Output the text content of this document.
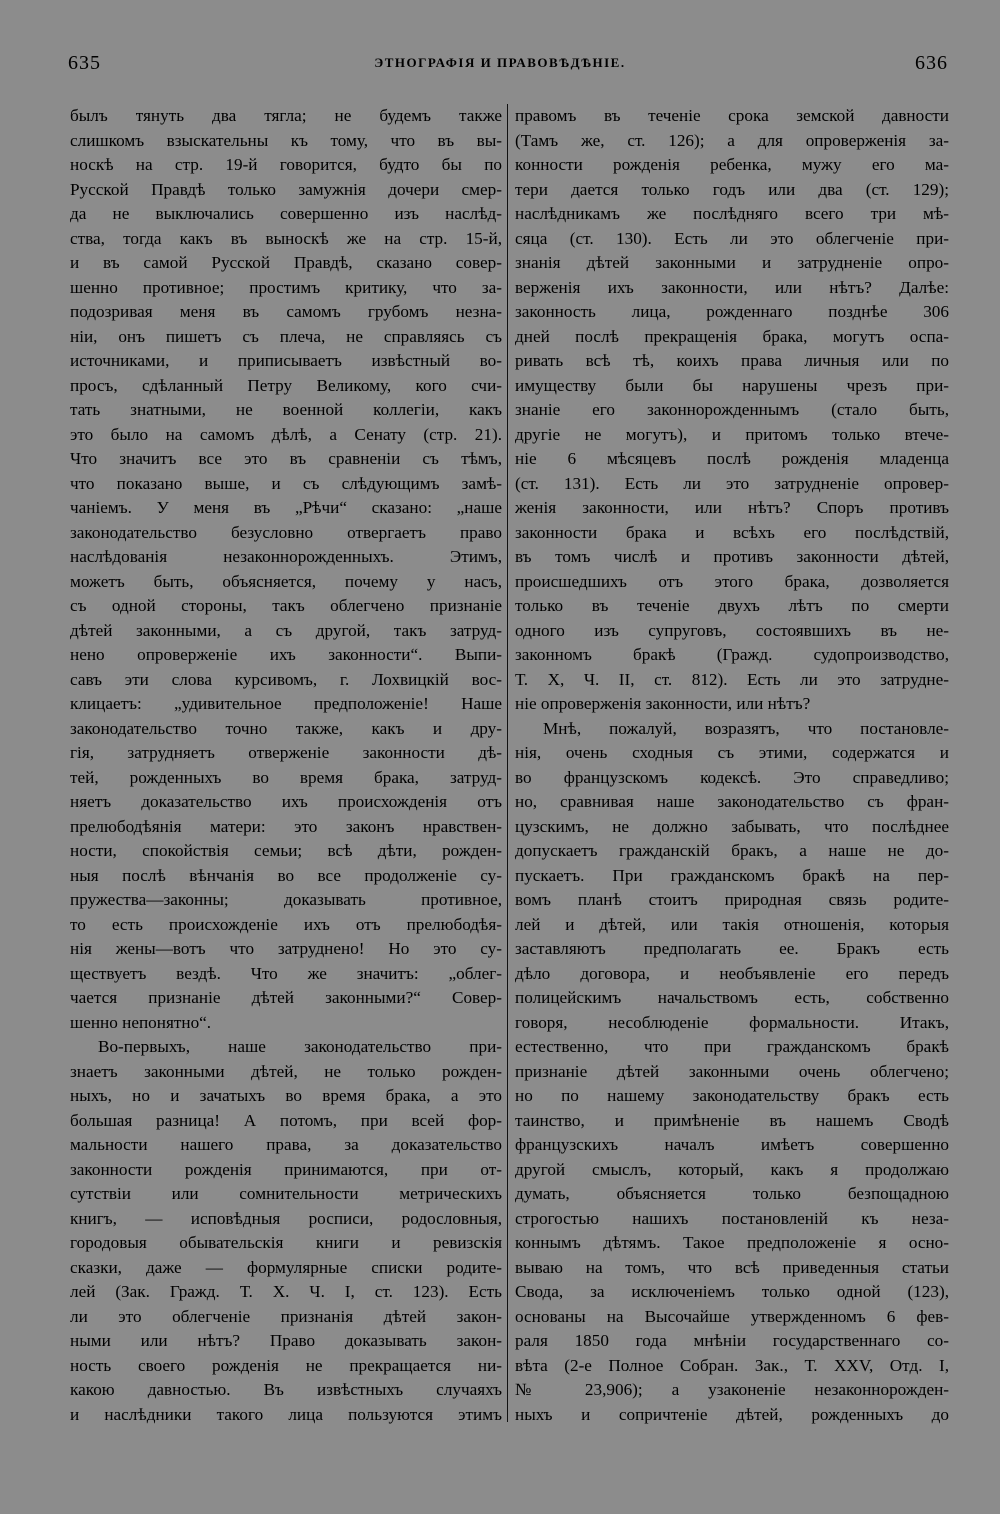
635	ЭТНОГРАФІЯ И ПРАВОВѢДѢНІЕ.	636
былъ тянуть два тягла; не будемъ также
слишкомъ взыскательны къ тому, что въ вы-
носкѣ на стр. 19-й говорится, будто бы по
Русской Правдѣ только замужнія дочери смер-
да не выключались совершенно изъ наслѣд-
ства, тогда какъ въ выноскѣ же на стр. 15-й,
и въ самой Русской Правдѣ, сказано совер-
шенно противное; простимъ критику, что за-
подозривая меня въ самомъ грубомъ незна-
ніи, онъ пишетъ съ плеча, не справляясь съ
источниками, и приписываетъ извѣстный во-
просъ, сдѣланный Петру Великому, кого счи-
тать знатными, не военной коллегіи, какъ
это было на самомъ дѣлѣ, а Сенату (стр. 21).
Что значитъ все это въ сравненіи съ тѣмъ,
что показано выше, и съ слѣдующимъ замѣ-
чаніемъ. У меня въ „Рѣчи“ сказано: „наше
законодательство безусловно отвергаетъ право
наслѣдованія незаконнорожденныхъ. Этимъ,
можетъ быть, объясняется, почему у насъ,
съ одной стороны, такъ облегчено признаніе
дѣтей законными, а съ другой, такъ затруд-
нено опроверженіе ихъ законности“. Выпи-
савъ эти слова курсивомъ, г. Лохвицкій вос-
клицаетъ: „удивительное предположеніе! Наше
законодательство точно также, какъ и дру-
гія, затрудняетъ отверженіе законности дѣ-
тей, рожденныхъ во время брака, затруд-
няетъ доказательство ихъ происхожденія отъ
прелюбодѣянія матери: это законъ нравствен-
ности, спокойствія семьи; всѣ дѣти, рожден-
ныя послѣ вѣнчанія во все продолженіе су-
пружества—законны; доказывать противное,
то есть происхожденіе ихъ отъ прелюбодѣя-
нія жены—вотъ что затруднено! Но это су-
ществуетъ вездѣ. Что же значитъ: „облег-
чается признаніе дѣтей законными?“ Совер-
шенно непонятно“.
Во-первыхъ, наше законодательство при-
знаетъ законными дѣтей, не только рожден-
ныхъ, но и зачатыхъ во время брака, а это
большая разница! А потомъ, при всей фор-
мальности нашего права, за доказательство
законности рожденія принимаются, при от-
сутствіи или сомнительности метрическихъ
книгъ, — исповѣдныя росписи, родословныя,
городовыя обывательскія книги и ревизскія
сказки, даже — формулярные списки родите-
лей (Зак. Гражд. Т. X. Ч. I, ст. 123). Есть
ли это облегченіе признанія дѣтей закон-
ными или нѣтъ? Право доказывать закон-
ность своего рожденія не прекращается ни-
какою давностью. Въ извѣстныхъ случаяхъ
и наслѣдники такого лица пользуются этимъ
правомъ въ теченіе срока земской давности
(Тамъ же, ст. 126); а для опроверженія за-
конности рожденія ребенка, мужу его ма-
тери дается только годъ или два (ст. 129);
наслѣдникамъ же послѣдняго всего три мѣ-
сяца (ст. 130). Есть ли это облегченіе при-
знанія дѣтей законными и затрудненіе опро-
верженія ихъ законности, или нѣтъ? Далѣе:
законность лица, рожденнаго позднѣе 306
дней послѣ прекращенія брака, могутъ оспа-
ривать всѣ тѣ, коихъ права личныя или по
имуществу были бы нарушены чрезъ при-
знаніе его законнорожденнымъ (стало быть,
другіе не могутъ), и притомъ только втече-
ніе 6 мѣсяцевъ послѣ рожденія младенца
(ст. 131). Есть ли это затрудненіе опровер-
женія законности, или нѣтъ? Споръ противъ
законности брака и всѣхъ его послѣдствій,
въ томъ числѣ и противъ законности дѣтей,
происшедшихъ отъ этого брака, дозволяется
только въ теченіе двухъ лѣтъ по смерти
одного изъ супруговъ, состоявшихъ въ не-
законномъ бракѣ (Гражд. судопроизводство,
Т. X, Ч. II, ст. 812). Есть ли это затрудне-
ніе опроверженія законности, или нѣтъ?
Мнѣ, пожалуй, возразятъ, что постановле-
нія, очень сходныя съ этими, содержатся и
во французскомъ кодексѣ. Это справедливо;
но, сравнивая наше законодательство съ фран-
цузскимъ, не должно забывать, что послѣднее
допускаетъ гражданскій бракъ, а наше не до-
пускаетъ. При гражданскомъ бракѣ на пер-
вомъ планѣ стоитъ природная связь родите-
лей и дѣтей, или такія отношенія, которыя
заставляютъ предполагать ее. Бракъ есть
дѣло договора, и необъявленіе его передъ
полицейскимъ начальствомъ есть, собственно
говоря, несоблюденіе формальности. Итакъ,
естественно, что при гражданскомъ бракѣ
признаніе дѣтей законными очень облегчено;
но по нашему законодательству бракъ есть
таинство, и примѣненіе въ нашемъ Сводѣ
французскихъ началъ имѣетъ совершенно
другой смыслъ, который, какъ я продолжаю
думать, объясняется только безпощадною
строгостью нашихъ постановленій къ неза-
коннымъ дѣтямъ. Такое предположеніе я осно-
вываю на томъ, что всѣ приведенныя статьи
Свода, за исключеніемъ только одной (123),
основаны на Высочайше утвержденномъ 6 фев-
раля 1850 года мнѣніи государственнаго со-
вѣта (2-е Полное Собран. Зак., Т. XXV, Отд. I,
№ 23,906); а узаконеніе незаконнорожден-
ныхъ и сопричтеніе дѣтей, рожденныхъ до
